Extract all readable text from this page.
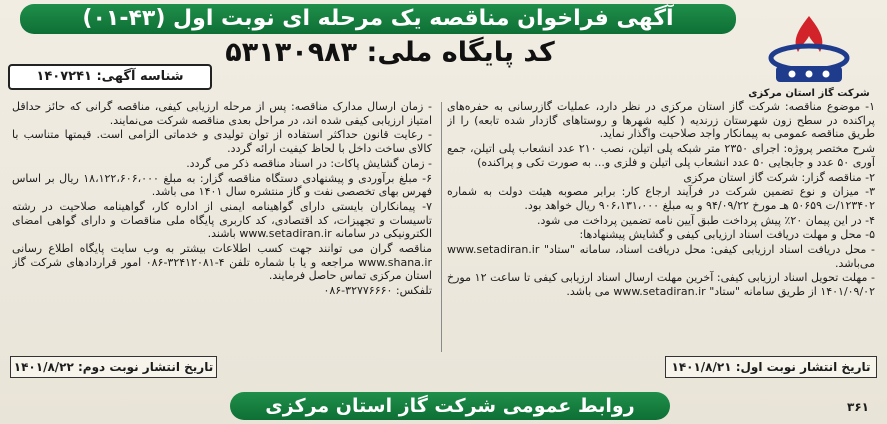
آگهی فراخوان مناقصه یک مرحله ای نوبت اول (۴۳-۰۱)
کد پایگاه ملی: ۵۳۱۳۰۹۸۳
شرکت گاز استان مرکزی
شناسه آگهی: ۱۴۰۷۲۴۱

۱- موضوع مناقصه: شرکت گاز استان مرکزی در نظر دارد، عملیات گازرسانی به حفره‌های پراکنده در سطح زون شهرستان زرندیه ( کلیه شهرها و روستاهای گازدار شده تابعه) را از طریق مناقصه عمومی به پیمانکار واجد صلاحیت واگذار نماید.

شرح مختصر پروژه: اجرای ۲۳۵۰ متر شبکه پلی اتیلن، نصب ۲۱۰ عدد انشعاب پلی اتیلن، جمع آوری ۵۰ عدد و جابجایی ۵۰ عدد انشعاب پلی اتیلن و فلزی و... به صورت تکی و پراکنده)

۲- مناقصه گزار: شرکت گاز استان مرکزی

۳- میزان و نوع تضمین شرکت در فرآیند ارجاع کار: برابر مصوبه هیئت دولت به شماره ۱۲۳۴۰۲/ت ۵۰۶۵۹ هـ مورخ ۹۴/۰۹/۲۲ و به مبلغ ۹۰۶،۱۳۱،۰۰۰ ریال خواهد بود.

۴- در این پیمان ۲۰٪ پیش پرداخت طبق آیین نامه تضمین پرداخت می شود.

۵- محل و مهلت دریافت اسناد ارزیابی کیفی و گشایش پیشنهادها:

- محل دریافت اسناد ارزیابی کیفی: محل دریافت اسناد، سامانه "ستاد" www.setadiran.ir می‌باشد.

- مهلت تحویل اسناد ارزیابی کیفی: آخرین مهلت ارسال اسناد ارزیابی کیفی تا ساعت ۱۲ مورخ ۱۴۰۱/۰۹/۰۲ از طریق سامانه "ستاد" www.setadiran.ir می باشد.

- زمان ارسال مدارک مناقصه: پس از مرحله ارزیابی کیفی، مناقصه گرانی که حائز حداقل امتیاز ارزیابی کیفی شده اند، در مراحل بعدی مناقصه شرکت می‌نمایند.

- رعایت قانون حداکثر استفاده از توان تولیدی و خدماتی الزامی است. قیمتها متناسب با کالای ساخت داخل با لحاظ کیفیت ارائه گردد.

- زمان گشایش پاکات: در اسناد مناقصه ذکر می گردد.

۶- مبلغ برآوردی و پیشنهادی دستگاه مناقصه گزار: به مبلغ ۱۸،۱۲۲،۶۰۶،۰۰۰ ریال بر اساس فهرس بهای تخصصی نفت و گاز منتشره سال ۱۴۰۱ می باشد.

۷- پیمانکاران بایستی دارای گواهینامه ایمنی از اداره کار، گواهینامه صلاحیت در رشته تاسیسات و تجهیزات، کد اقتصادی، کد کاربری پایگاه ملی مناقصات و دارای گواهی امضای الکترونیکی در سامانه www.setadiran.ir باشند.

مناقصه گران می توانند جهت کسب اطلاعات بیشتر به وب سایت پایگاه اطلاع رسانی www.shana.ir مراجعه و یا با شماره تلفن ۴-۳۲۴۱۲۰۸۱-۰۸۶ امور قراردادهای شرکت گاز استان مرکزی تماس حاصل فرمایند.

تلفکس: ۳۲۷۷۶۶۶۰-۰۸۶

تاریخ انتشار نوبت اول: ۱۴۰۱/۸/۲۱
تاریخ انتشار نوبت دوم: ۱۴۰۱/۸/۲۲
روابط عمومی شرکت گاز استان مرکزی	۳۶۱
